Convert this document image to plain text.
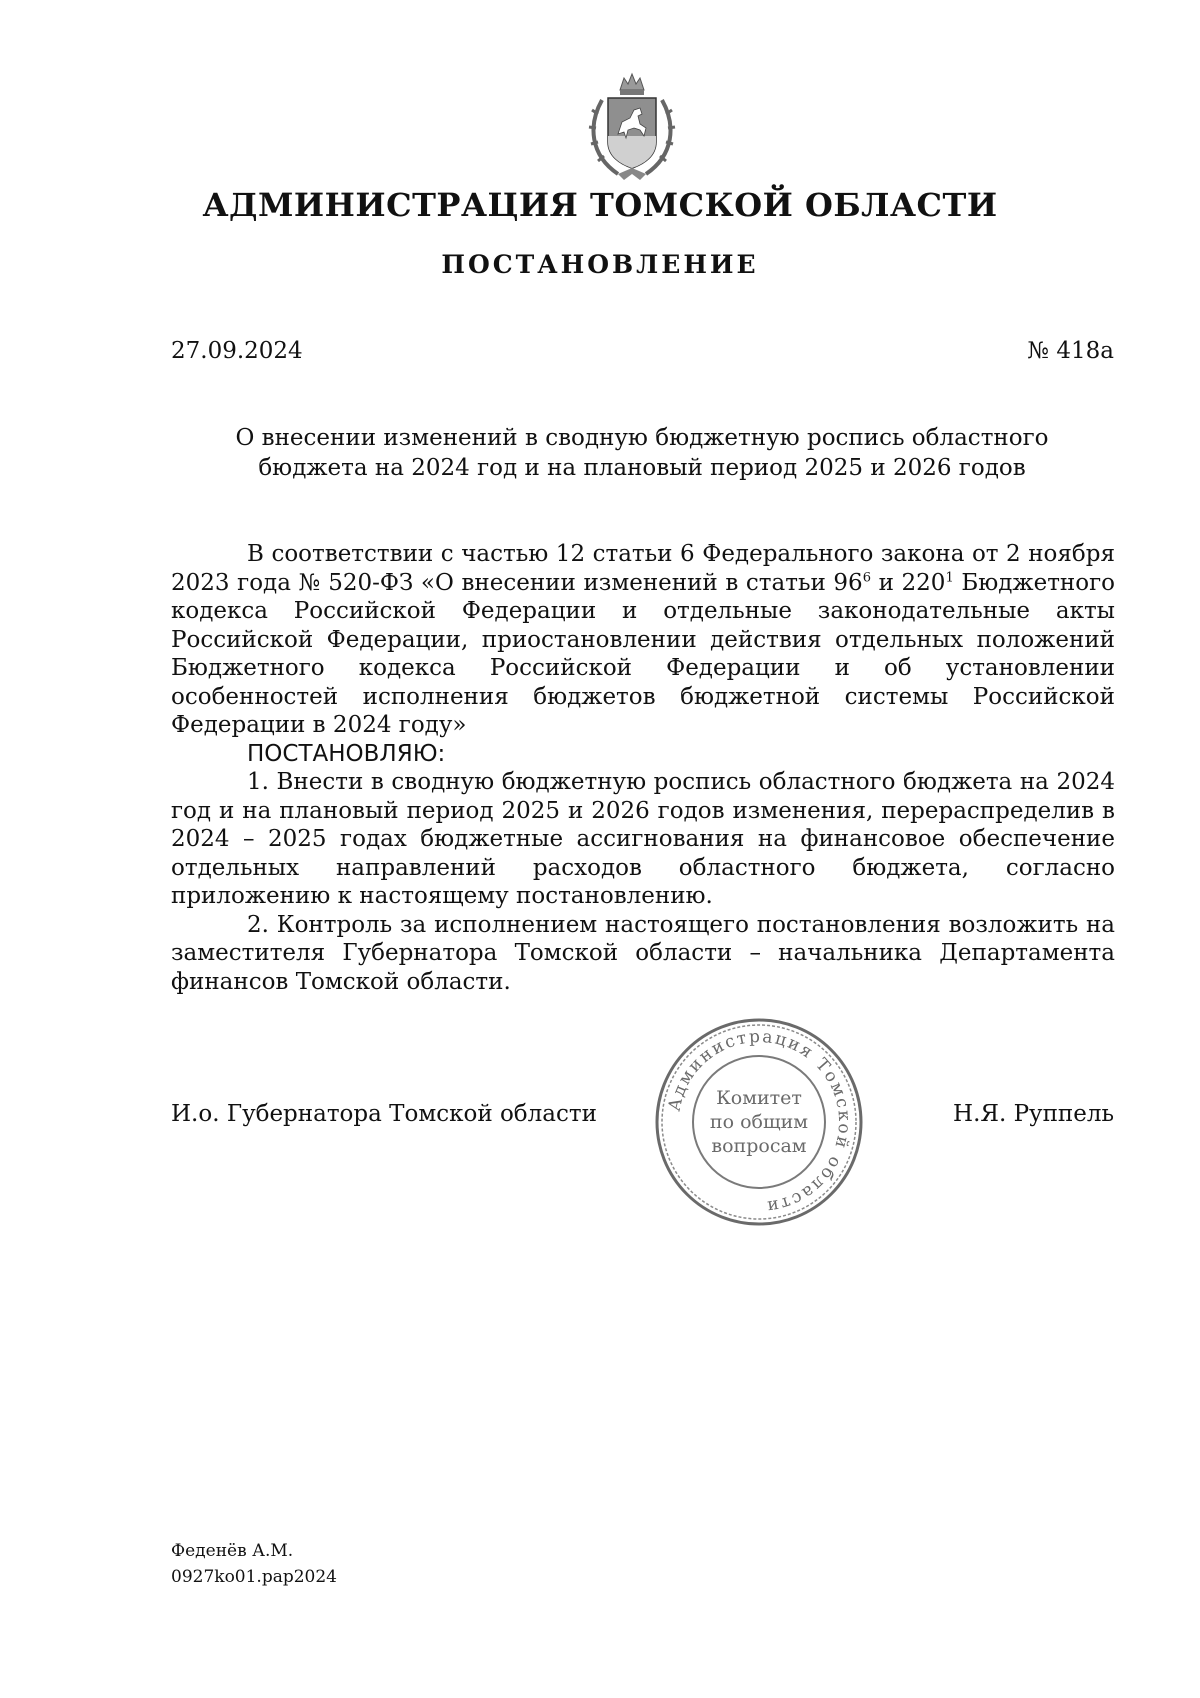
АДМИНИСТРАЦИЯ ТОМСКОЙ ОБЛАСТИ
ПОСТАНОВЛЕНИЕ
27.09.2024	№ 418а
О внесении изменений в сводную бюджетную роспись областного
бюджета на 2024 год и на плановый период 2025 и 2026 годов

В соответствии с частью 12 статьи 6 Федерального закона от 2 ноября 2023 года № 520-ФЗ «О внесении изменений в статьи $96^6$ и $220^1$ Бюджетного кодекса Российской Федерации и отдельные законодательные акты Российской Федерации, приостановлении действия отдельных положений Бюджетного кодекса Российской Федерации и об установлении особенностей исполнения бюджетов бюджетной системы Российской Федерации в 2024 году»

ПОСТАНОВЛЯЮ:

1. Внести в сводную бюджетную роспись областного бюджета на 2024 год и на плановый период 2025 и 2026 годов изменения, перераспределив в 2024 – 2025 годах бюджетные ассигнования на финансовое обеспечение отдельных направлений расходов областного бюджета, согласно приложению к настоящему постановлению.

2. Контроль за исполнением настоящего постановления возложить на заместителя Губернатора Томской области – начальника Департамента финансов Томской области.

И.о. Губернатора Томской области	Администрация Томской области
Комитет
по общим
вопросам
Н.Я. Руппель
Феденёв А.М.
0927ko01.pap2024
